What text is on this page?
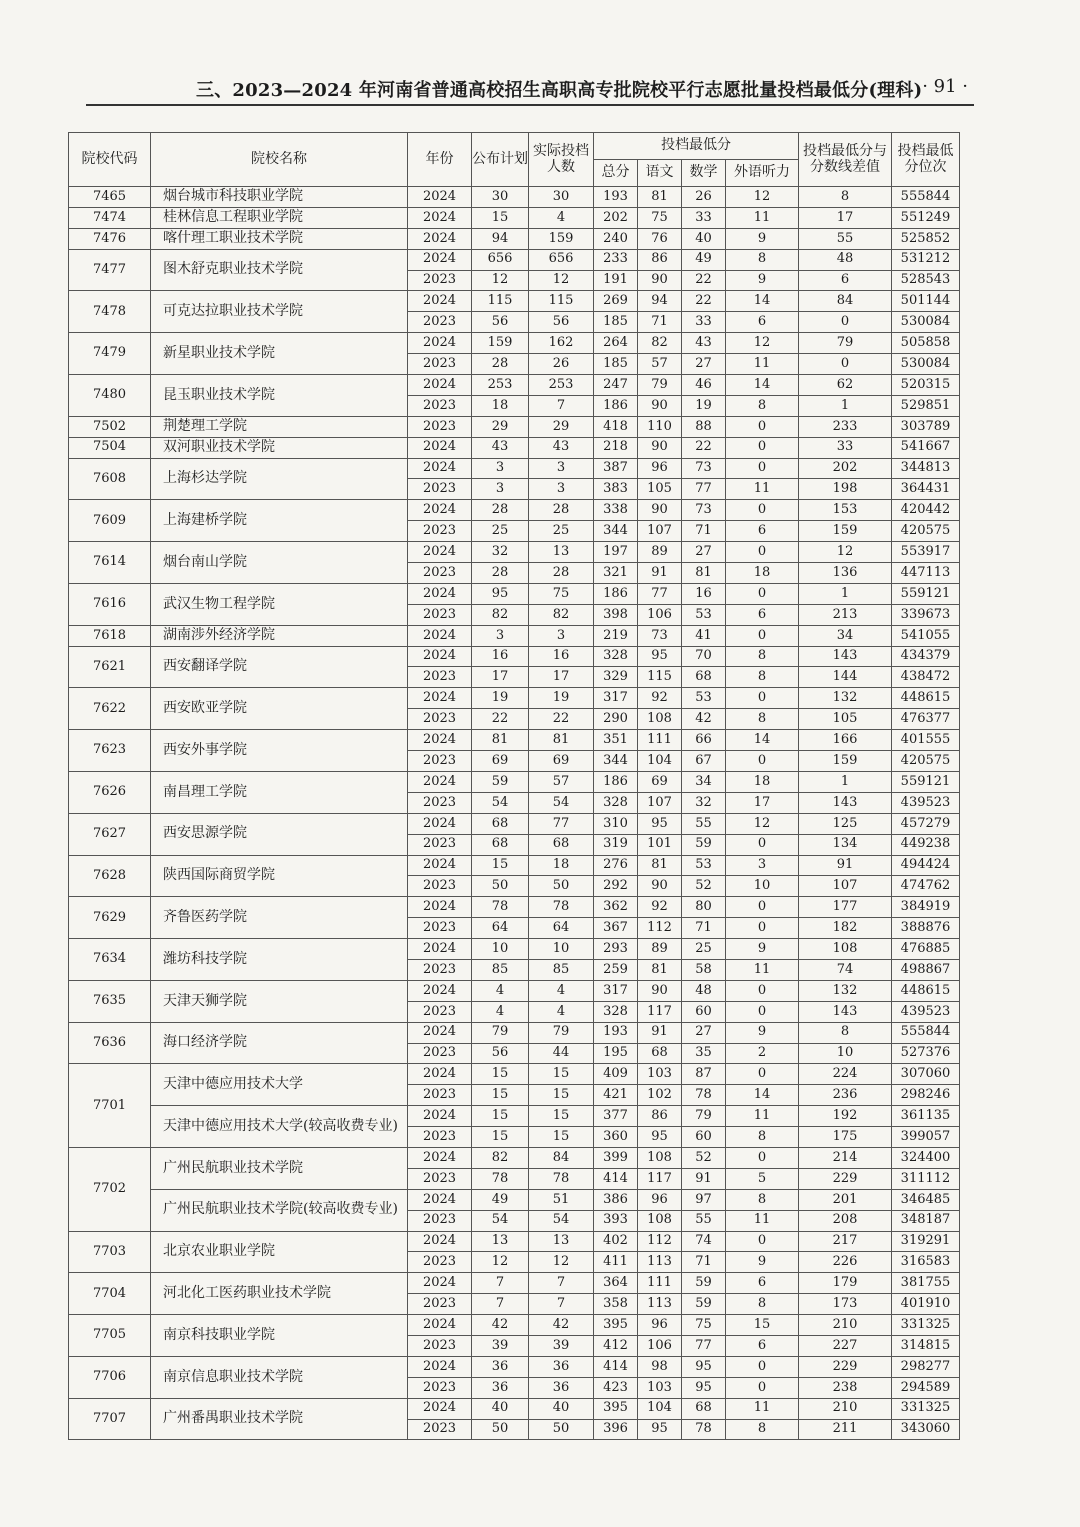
三、2023—2024 年河南省普通高校招生高职高专批院校平行志愿批量投档最低分(理科) · 91 ·
院校代码	院校名称	年份	公布计划	实际投档人数	投档最低分				投档最低分与分数线差值	投档最低分位次
					总分	语文	数学	外语听力		
7465	烟台城市科技职业学院	2024	30	30	193	81	26	12	8	555844
7474	桂林信息工程职业学院	2024	15	4	202	75	33	11	17	551249
7476	喀什理工职业技术学院	2024	94	159	240	76	40	9	55	525852
7477	图木舒克职业技术学院	2024	656	656	233	86	49	8	48	531212
		2023	12	12	191	90	22	9	6	528543
7478	可克达拉职业技术学院	2024	115	115	269	94	22	14	84	501144
		2023	56	56	185	71	33	6	0	530084
7479	新星职业技术学院	2024	159	162	264	82	43	12	79	505858
		2023	28	26	185	57	27	11	0	530084
7480	昆玉职业技术学院	2024	253	253	247	79	46	14	62	520315
		2023	18	7	186	90	19	8	1	529851
7502	荆楚理工学院	2023	29	29	418	110	88	0	233	303789
7504	双河职业技术学院	2024	43	43	218	90	22	0	33	541667
7608	上海杉达学院	2024	3	3	387	96	73	0	202	344813
		2023	3	3	383	105	77	11	198	364431
7609	上海建桥学院	2024	28	28	338	90	73	0	153	420442
		2023	25	25	344	107	71	6	159	420575
7614	烟台南山学院	2024	32	13	197	89	27	0	12	553917
		2023	28	28	321	91	81	18	136	447113
7616	武汉生物工程学院	2024	95	75	186	77	16	0	1	559121
		2023	82	82	398	106	53	6	213	339673
7618	湖南涉外经济学院	2024	3	3	219	73	41	0	34	541055
7621	西安翻译学院	2024	16	16	328	95	70	8	143	434379
		2023	17	17	329	115	68	8	144	438472
7622	西安欧亚学院	2024	19	19	317	92	53	0	132	448615
		2023	22	22	290	108	42	8	105	476377
7623	西安外事学院	2024	81	81	351	111	66	14	166	401555
		2023	69	69	344	104	67	0	159	420575
7626	南昌理工学院	2024	59	57	186	69	34	18	1	559121
		2023	54	54	328	107	32	17	143	439523
7627	西安思源学院	2024	68	77	310	95	55	12	125	457279
		2023	68	68	319	101	59	0	134	449238
7628	陕西国际商贸学院	2024	15	18	276	81	53	3	91	494424
		2023	50	50	292	90	52	10	107	474762
7629	齐鲁医药学院	2024	78	78	362	92	80	0	177	384919
		2023	64	64	367	112	71	0	182	388876
7634	潍坊科技学院	2024	10	10	293	89	25	9	108	476885
		2023	85	85	259	81	58	11	74	498867
7635	天津天狮学院	2024	4	4	317	90	48	0	132	448615
		2023	4	4	328	117	60	0	143	439523
7636	海口经济学院	2024	79	79	193	91	27	9	8	555844
		2023	56	44	195	68	35	2	10	527376
7701	天津中德应用技术大学	2024	15	15	409	103	87	0	224	307060
		2023	15	15	421	102	78	14	236	298246
	天津中德应用技术大学(较高收费专业)	2024	15	15	377	86	79	11	192	361135
		2023	15	15	360	95	60	8	175	399057
7702	广州民航职业技术学院	2024	82	84	399	108	52	0	214	324400
		2023	78	78	414	117	91	5	229	311112
	广州民航职业技术学院(较高收费专业)	2024	49	51	386	96	97	8	201	346485
		2023	54	54	393	108	55	11	208	348187
7703	北京农业职业学院	2024	13	13	402	112	74	0	217	319291
		2023	12	12	411	113	71	9	226	316583
7704	河北化工医药职业技术学院	2024	7	7	364	111	59	6	179	381755
		2023	7	7	358	113	59	8	173	401910
7705	南京科技职业学院	2024	42	42	395	96	75	15	210	331325
		2023	39	39	412	106	77	6	227	314815
7706	南京信息职业技术学院	2024	36	36	414	98	95	0	229	298277
		2023	36	36	423	103	95	0	238	294589
7707	广州番禺职业技术学院	2024	40	40	395	104	68	11	210	331325
		2023	50	50	396	95	78	8	211	343060
